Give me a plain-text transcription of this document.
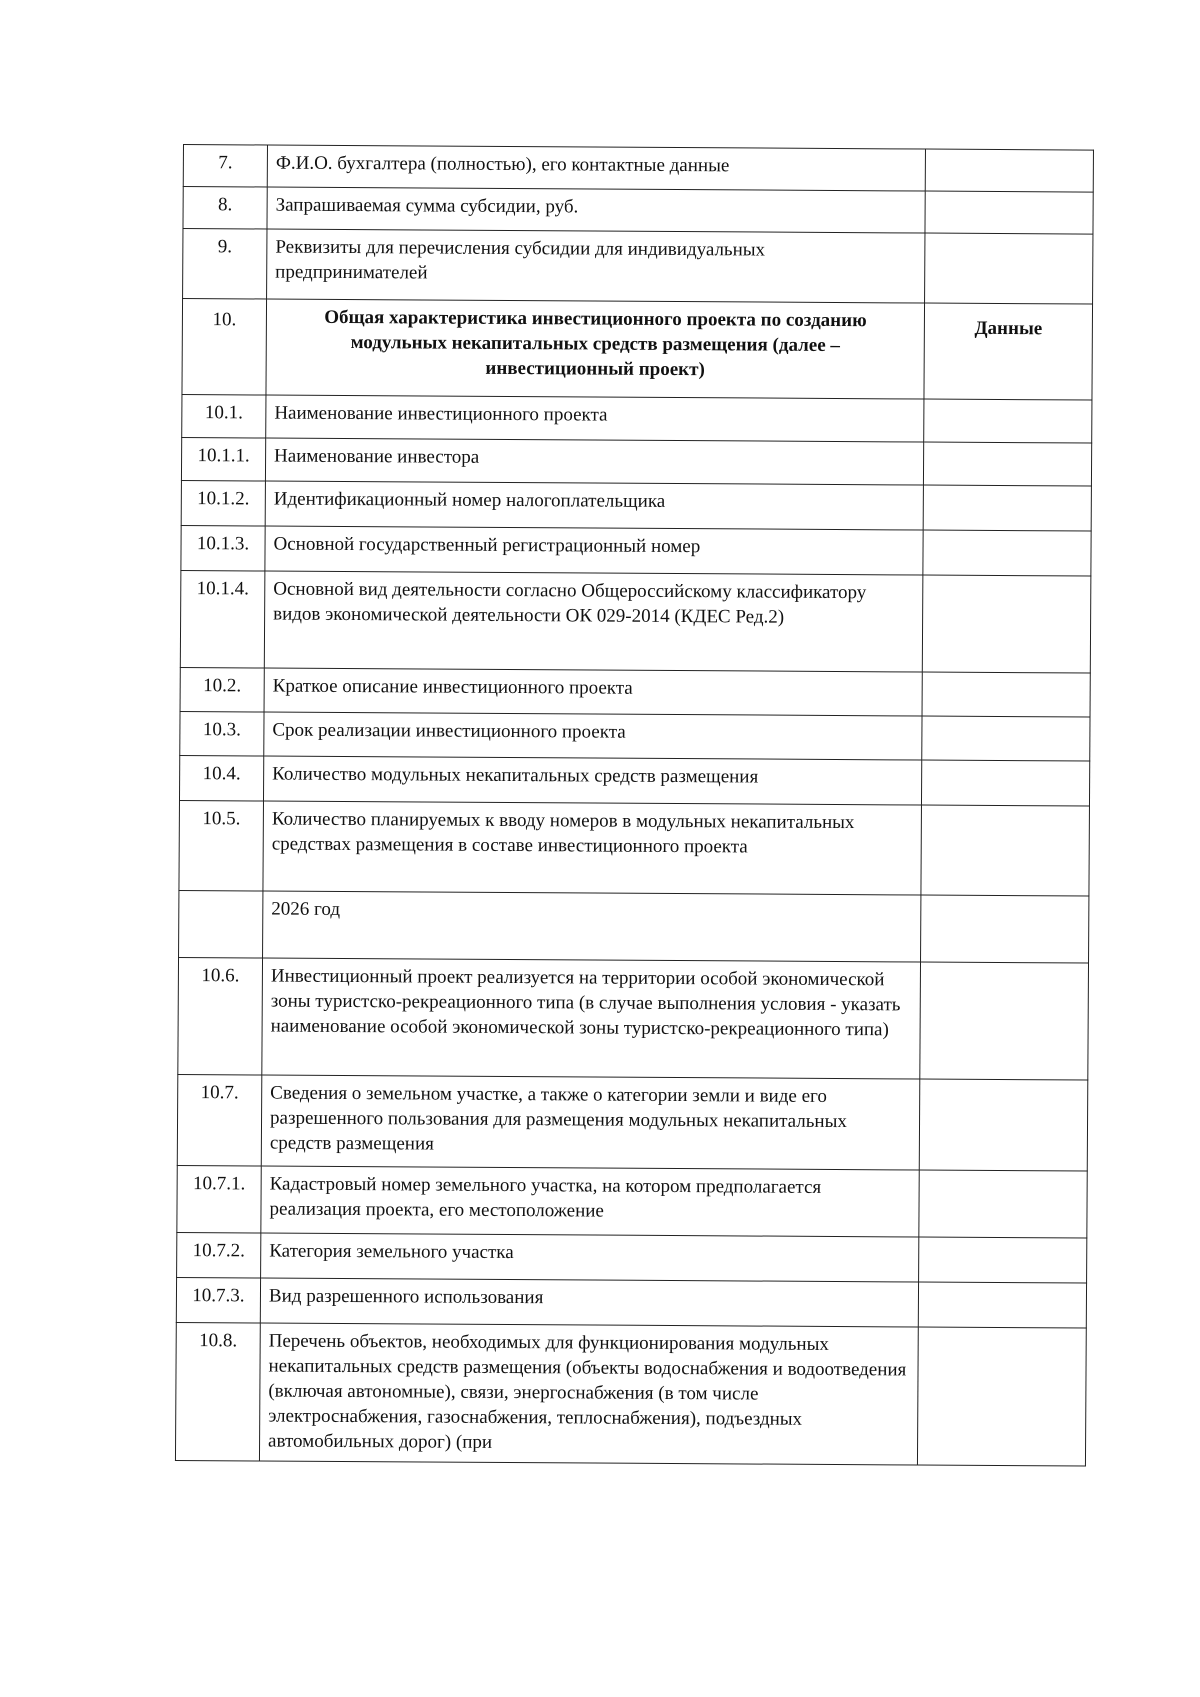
7.	Ф.И.О. бухгалтера (полностью), его контактные данные	
8.	Запрашиваемая сумма субсидии, руб.	
9.	Реквизиты для перечисления субсидии для индивидуальных предпринимателей	
10.	Общая характеристика инвестиционного проекта по созданию модульных некапитальных средств размещения (далее – инвестиционный проект)	Данные
10.1.	Наименование инвестиционного проекта	
10.1.1.	Наименование инвестора	
10.1.2.	Идентификационный номер налогоплательщика	
10.1.3.	Основной государственный регистрационный номер	
10.1.4.	Основной вид деятельности согласно Общероссийскому классификатору видов экономической деятельности ОК 029-2014 (КДЕС Ред.2)	
10.2.	Краткое описание инвестиционного проекта	
10.3.	Срок реализации инвестиционного проекта	
10.4.	Количество модульных некапитальных средств размещения	
10.5.	Количество планируемых к вводу номеров в модульных некапитальных средствах размещения в составе инвестиционного проекта	
	2026 год	
10.6.	Инвестиционный проект реализуется на территории особой экономической зоны туристско-рекреационного типа (в случае выполнения условия - указать наименование особой экономической зоны туристско-рекреационного типа)	
10.7.	Сведения о земельном участке, а также о категории земли и виде его разрешенного пользования для размещения модульных некапитальных средств размещения	
10.7.1.	Кадастровый номер земельного участка, на котором предполагается реализация проекта, его местоположение	
10.7.2.	Категория земельного участка	
10.7.3.	Вид разрешенного использования	
10.8.	Перечень объектов, необходимых для функционирования модульных некапитальных средств размещения (объекты водоснабжения и водоотведения (включая автономные), связи, энергоснабжения (в том числе электроснабжения, газоснабжения, теплоснабжения), подъездных автомобильных дорог) (при	
